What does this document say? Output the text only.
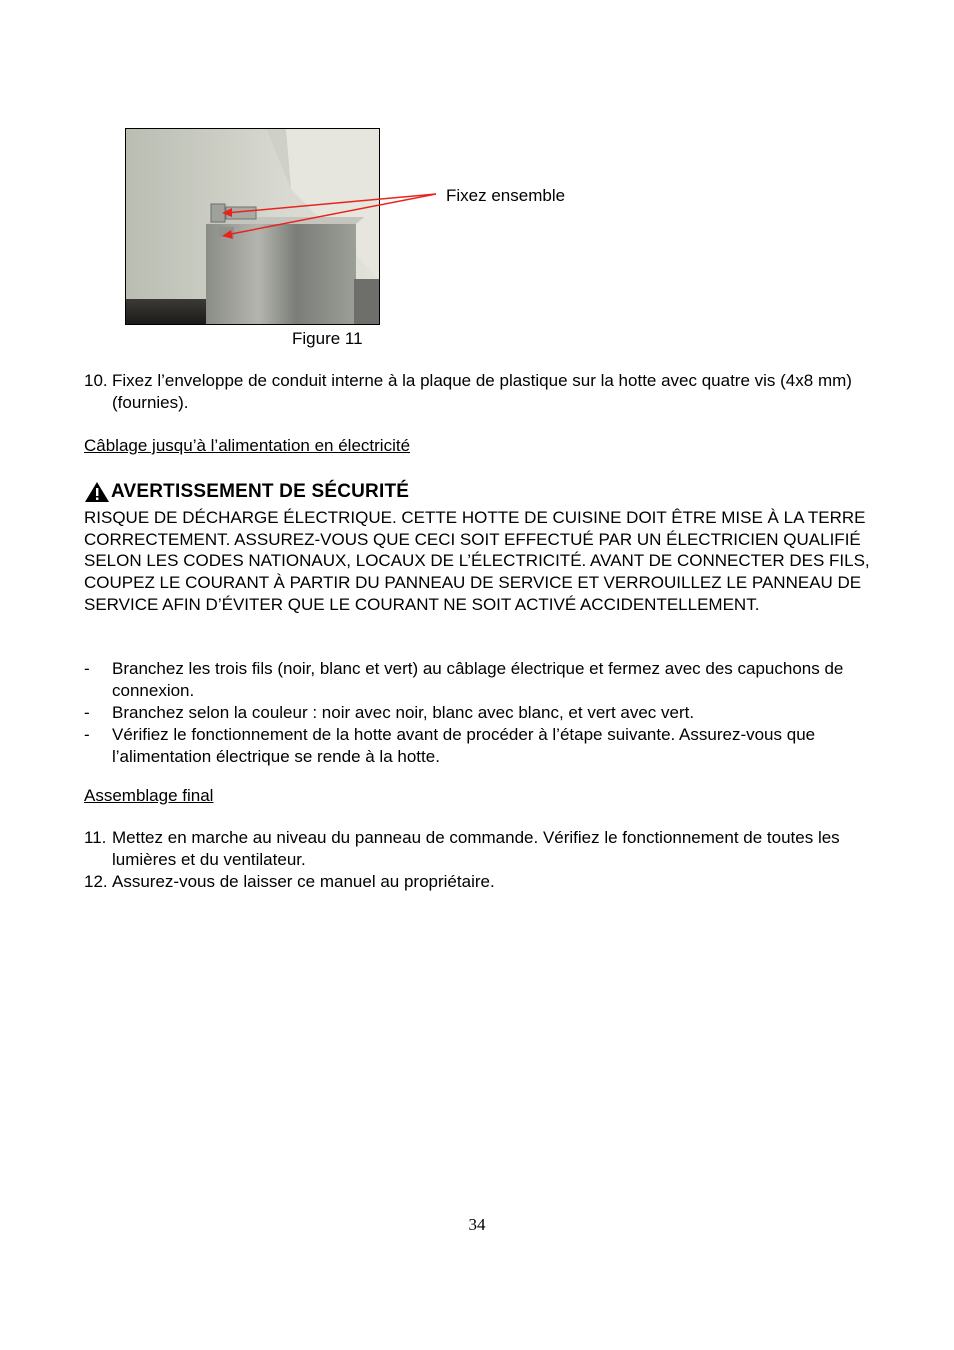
Fixez ensemble
Figure 11
10. Fixez l’enveloppe de conduit interne à la plaque de plastique sur la hotte avec quatre vis (4x8 mm) (fournies).
Câblage jusqu’à l’alimentation en électricité
AVERTISSEMENT DE SÉCURITÉ
RISQUE DE DÉCHARGE ÉLECTRIQUE. CETTE HOTTE DE CUISINE DOIT ÊTRE MISE À LA TERRE CORRECTEMENT. ASSUREZ-VOUS QUE CECI SOIT EFFECTUÉ PAR UN ÉLECTRICIEN QUALIFIÉ SELON LES CODES NATIONAUX, LOCAUX DE L’ÉLECTRICITÉ. AVANT DE CONNECTER DES FILS, COUPEZ LE COURANT À PARTIR DU PANNEAU DE SERVICE ET VERROUILLEZ LE PANNEAU DE SERVICE AFIN D’ÉVITER QUE LE COURANT NE SOIT ACTIVÉ ACCIDENTELLEMENT.
-	Branchez les trois fils (noir, blanc et vert) au câblage électrique et fermez avec des capuchons de connexion.
-	Branchez selon la couleur : noir avec noir, blanc avec blanc, et vert avec vert.
-	Vérifiez le fonctionnement de la hotte avant de procéder à l’étape suivante. Assurez-vous que l’alimentation électrique se rende à la hotte.
Assemblage final
11. Mettez en marche au niveau du panneau de commande. Vérifiez le fonctionnement de toutes les lumières et du ventilateur.
12. Assurez-vous de laisser ce manuel au propriétaire.
34
